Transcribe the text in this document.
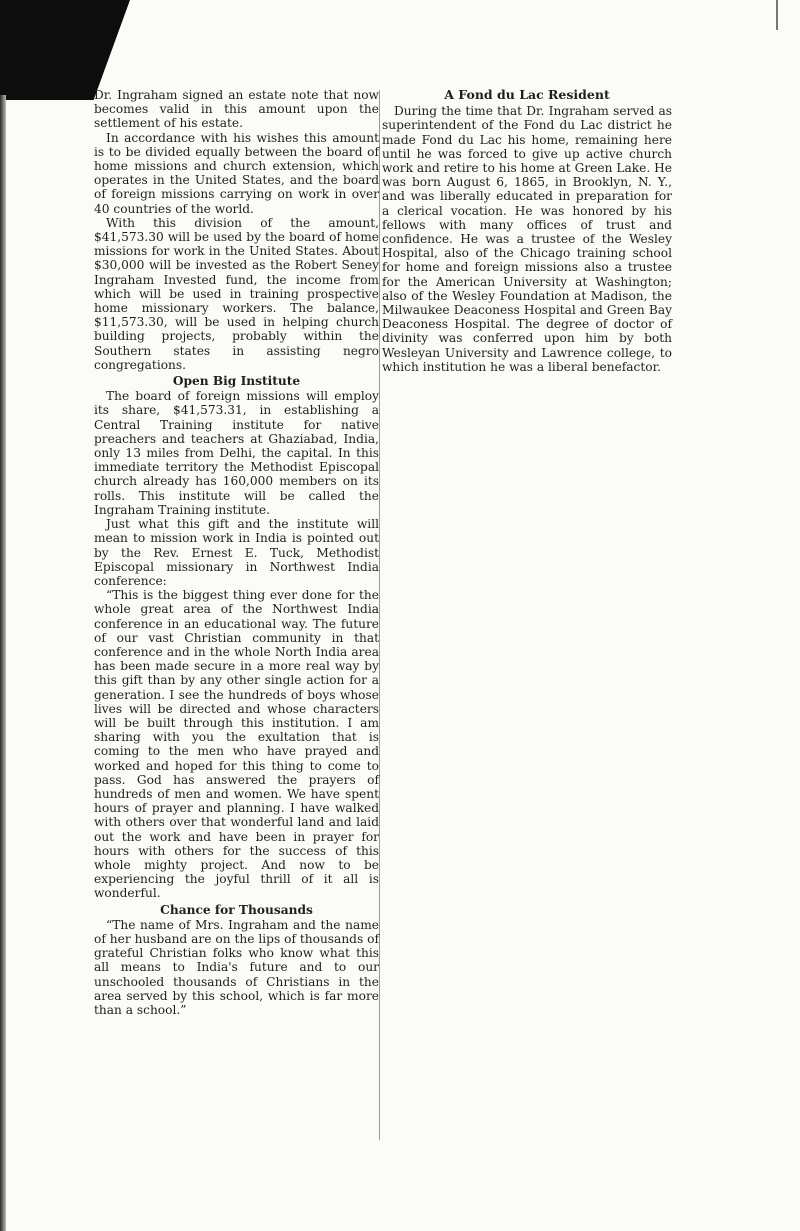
Dr. Ingraham signed an estate note that now becomes valid in this amount upon the settlement of his estate.

In accordance with his wishes this amount is to be divided equally between the board of home missions and church extension, which operates in the United States, and the board of foreign missions carrying on work in over 40 countries of the world.

With this division of the amount, $41,573.30 will be used by the board of home missions for work in the United States. About $30,000 will be invested as the Robert Seney Ingraham Invested fund, the income from which will be used in training prospective home missionary workers. The balance, $11,573.30, will be used in helping church building projects, probably within the Southern states in assisting negro congregations.

Open Big Institute

The board of foreign missions will employ its share, $41,573.31, in establishing a Central Training institute for native preachers and teachers at Ghaziabad, India, only 13 miles from Delhi, the capital. In this immediate territory the Methodist Episcopal church already has 160,000 members on its rolls. This institute will be called the Ingraham Training institute.

Just what this gift and the institute will mean to mission work in India is pointed out by the Rev. Ernest E. Tuck, Methodist Episcopal missionary in Northwest India conference:

“This is the biggest thing ever done for the whole great area of the Northwest India conference in an educational way. The future of our vast Christian community in that conference and in the whole North India area has been made secure in a more real way by this gift than by any other single action for a generation. I see the hundreds of boys whose lives will be directed and whose characters will be built through this institution. I am sharing with you the exultation that is coming to the men who have prayed and worked and hoped for this thing to come to pass. God has answered the prayers of hundreds of men and women. We have spent hours of prayer and planning. I have walked with others over that wonderful land and laid out the work and have been in prayer for hours with others for the success of this whole mighty project. And now to be experiencing the joyful thrill of it all is wonderful.

Chance for Thousands

“The name of Mrs. Ingraham and the name of her husband are on the lips of thousands of grateful Christian folks who know what this all means to India's future and to our unschooled thousands of Christians in the area served by this school, which is far more than a school.”

A Fond du Lac Resident

During the time that Dr. Ingraham served as superintendent of the Fond du Lac district he made Fond du Lac his home, remaining here until he was forced to give up active church work and retire to his home at Green Lake. He was born August 6, 1865, in Brooklyn, N. Y., and was liberally educated in preparation for a clerical vocation. He was honored by his fellows with many offices of trust and confidence. He was a trustee of the Wesley Hospital, also of the Chicago training school for home and foreign missions also a trustee for the American University at Washington; also of the Wesley Foundation at Madison, the Milwaukee Deaconess Hospital and Green Bay Deaconess Hospital. The degree of doctor of divinity was conferred upon him by both Wesleyan University and Lawrence college, to which institution he was a liberal benefactor.
